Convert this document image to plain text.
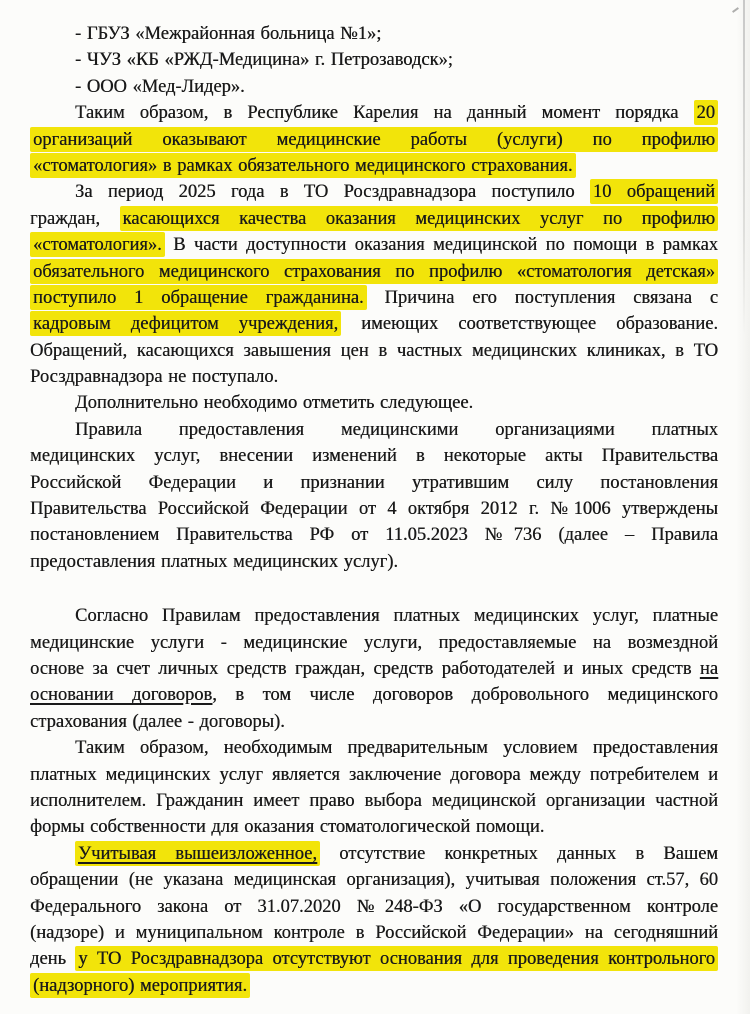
- ГБУЗ «Межрайонная больница №1»;
- ЧУЗ «КБ «РЖД-Медицина» г. Петрозаводск»;
- ООО «Мед-Лидер».
Таким образом, в Республике Карелия на данный момент порядка 20
организаций оказывают медицинские работы (услуги) по профилю
«стоматология» в рамках обязательного медицинского страхования.
За период 2025 года в ТО Росздравнадзора поступило 10 обращений
граждан, касающихся качества оказания медицинских услуг по профилю
«стоматология». В части доступности оказания медицинской по помощи в рамках
обязательного медицинского страхования по профилю «стоматология детская»
поступило 1 обращение гражданина. Причина его поступления связана с
кадровым дефицитом учреждения, имеющих соответствующее образование.
Обращений, касающихся завышения цен в частных медицинских клиниках, в ТО
Росздравнадзора не поступало.
Дополнительно необходимо отметить следующее.
Правила предоставления медицинскими организациями платных
медицинских услуг, внесении изменений в некоторые акты Правительства
Российской Федерации и признании утратившим силу постановления
Правительства Российской Федерации от 4 октября 2012 г. №1006 утверждены
постановлением Правительства РФ от 11.05.2023 №736 (далее – Правила
предоставления платных медицинских услуг).
Согласно Правилам предоставления платных медицинских услуг, платные
медицинские услуги - медицинские услуги, предоставляемые на возмездной
основе за счет личных средств граждан, средств работодателей и иных средств на
основании договоров, в том числе договоров добровольного медицинского
страхования (далее - договоры).
Таким образом, необходимым предварительным условием предоставления
платных медицинских услуг является заключение договора между потребителем и
исполнителем. Гражданин имеет право выбора медицинской организации частной
формы собственности для оказания стоматологической помощи.
Учитывая вышеизложенное, отсутствие конкретных данных в Вашем
обращении (не указана медицинская организация), учитывая положения ст.57, 60
Федерального закона от 31.07.2020 №248-ФЗ «О государственном контроле
(надзоре) и муниципальном контроле в Российской Федерации» на сегодняшний
день у ТО Росздравнадзора отсутствуют основания для проведения контрольного
(надзорного) мероприятия.
